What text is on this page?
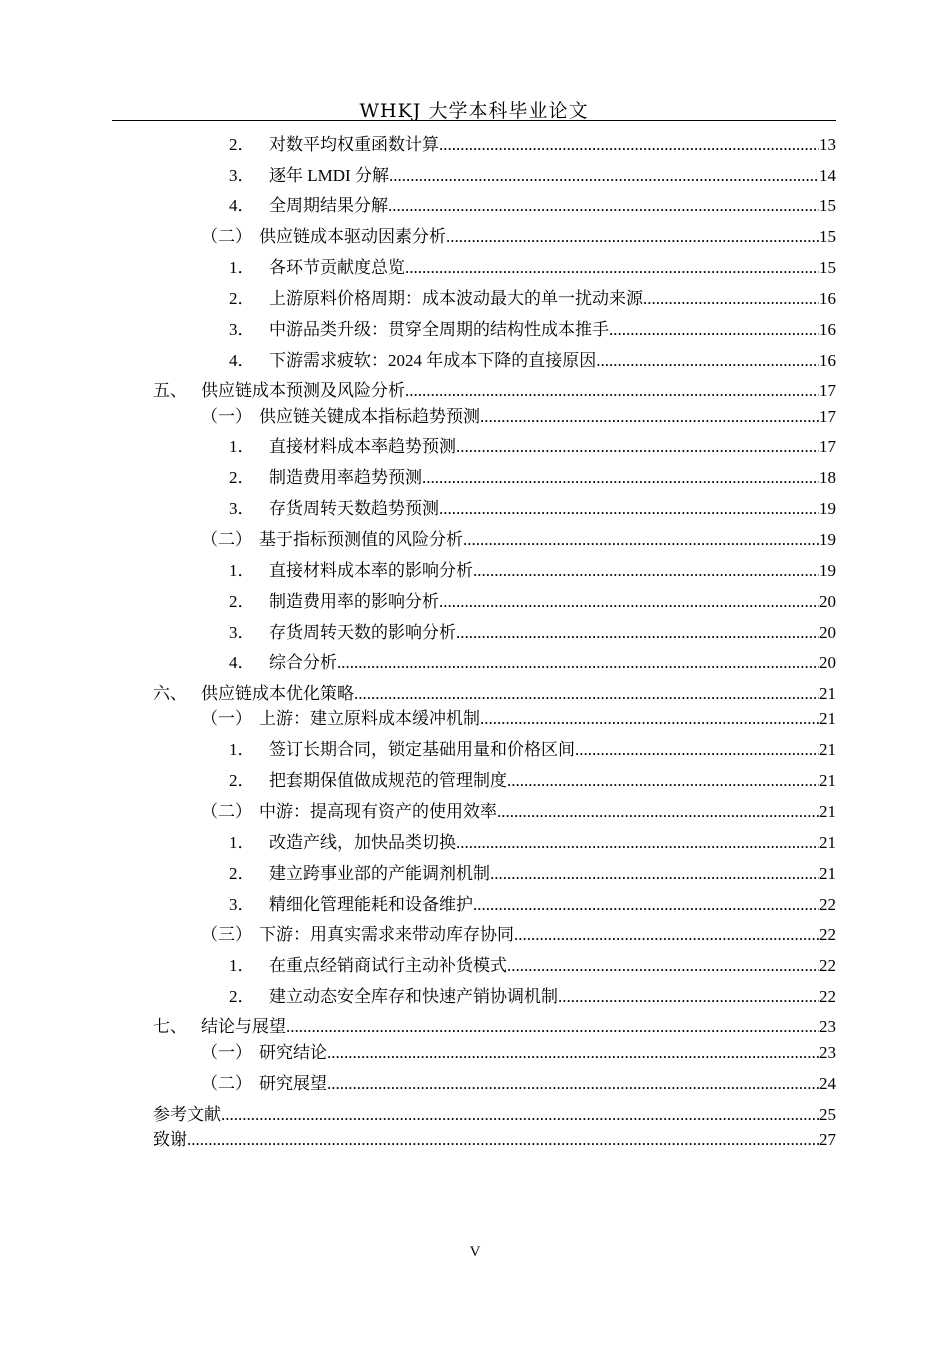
WHKJ 大学本科毕业论文
2． 对数平均权重函数计算 .....	13
3． 逐年 LMDI 分解 .....	14
4． 全周期结果分解 .....	15
（二） 供应链成本驱动因素分析 .....	15
1． 各环节贡献度总览 .....	15
2． 上游原料价格周期：成本波动最大的单一扰动来源 .....	16
3． 中游品类升级：贯穿全周期的结构性成本推手 .....	16
4． 下游需求疲软：2024 年成本下降的直接原因 .....	16
五、 供应链成本预测及风险分析 .....	17
（一） 供应链关键成本指标趋势预测 .....	17
1． 直接材料成本率趋势预测 .....	17
2． 制造费用率趋势预测 .....	18
3． 存货周转天数趋势预测 .....	19
（二） 基于指标预测值的风险分析 .....	19
1． 直接材料成本率的影响分析 .....	19
2． 制造费用率的影响分析 .....	20
3． 存货周转天数的影响分析 .....	20
4． 综合分析 .....	20
六、 供应链成本优化策略 .....	21
（一） 上游：建立原料成本缓冲机制 .....	21
1． 签订长期合同，锁定基础用量和价格区间 .....	21
2． 把套期保值做成规范的管理制度 .....	21
（二） 中游：提高现有资产的使用效率 .....	21
1． 改造产线，加快品类切换 .....	21
2． 建立跨事业部的产能调剂机制 .....	21
3． 精细化管理能耗和设备维护 .....	22
（三） 下游：用真实需求来带动库存协同 .....	22
1． 在重点经销商试行主动补货模式 .....	22
2． 建立动态安全库存和快速产销协调机制 .....	22
七、 结论与展望 .....	23
（一） 研究结论 .....	23
（二） 研究展望 .....	24
参考文献 .....	25
致谢 .....	27
V
